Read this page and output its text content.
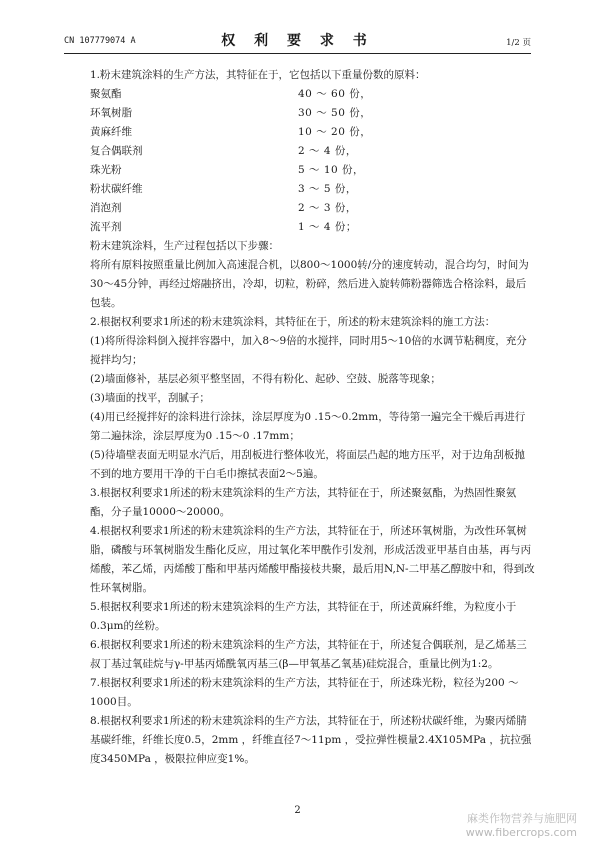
CN 107779074 A	权 利 要 求 书	1/2 页

1.粉末建筑涂料的生产方法，其特征在于，它包括以下重量份数的原料：

聚氨酯	40 ～ 60 份，
环氧树脂	30 ～ 50 份，
黄麻纤维	10 ～ 20 份，
复合偶联剂	2 ～ 4 份，
珠光粉	5 ～ 10 份，
粉状碳纤维	3 ～ 5 份，
消泡剂	2 ～ 3 份，
流平剂	1 ～ 4 份；

粉末建筑涂料，生产过程包括以下步骤：

将所有原料按照重量比例加入高速混合机，以800～1000转/分的速度转动，混合均匀，时间为30～45分钟，再经过熔融挤出，冷却，切粒，粉碎，然后进入旋转筛粉器筛选合格涂料，最后包装。

2.根据权利要求1所述的粉末建筑涂料，其特征在于，所述的粉末建筑涂料的施工方法：

(1)将所得涂料倒入搅拌容器中，加入8～9倍的水搅拌，同时用5～10倍的水调节粘稠度，充分搅拌均匀；

(2)墙面修补，基层必须平整坚固，不得有粉化、起砂、空鼓、脱落等现象；

(3)墙面的找平，刮腻子；

(4)用已经搅拌好的涂料进行涂抹，涂层厚度为0 .15～0.2mm，等待第一遍完全干燥后再进行第二遍抹涂，涂层厚度为0 .15～0 .17mm；

(5)待墙壁表面无明显水汽后，用刮板进行整体收光，将面层凸起的地方压平，对于边角刮板抛不到的地方要用干净的干白毛巾擦拭表面2～5遍。

3.根据权利要求1所述的粉末建筑涂料的生产方法，其特征在于，所述聚氨酯，为热固性聚氨酯，分子量10000～20000。

4.根据权利要求1所述的粉末建筑涂料的生产方法，其特征在于，所述环氧树脂，为改性环氧树脂，磷酸与环氧树脂发生酯化反应，用过氧化苯甲酰作引发剂，形成活泼亚甲基自由基，再与丙烯酸，苯乙烯，丙烯酸丁酯和甲基丙烯酸甲酯接枝共聚，最后用N,N-二甲基乙醇胺中和，得到改性环氧树脂。

5.根据权利要求1所述的粉末建筑涂料的生产方法，其特征在于，所述黄麻纤维，为粒度小于0.3μm的丝粉。

6.根据权利要求1所述的粉末建筑涂料的生产方法，其特征在于，所述复合偶联剂，是乙烯基三叔丁基过氧硅烷与γ-甲基丙烯酰氧丙基三(β—甲氧基乙氧基)硅烷混合，重量比例为1:2。

7.根据权利要求1所述的粉末建筑涂料的生产方法，其特征在于，所述珠光粉，粒径为200 ～ 1000目。

8.根据权利要求1所述的粉末建筑涂料的生产方法，其特征在于，所述粉状碳纤维，为聚丙烯腈基碳纤维，纤维长度0.5，2mm ，纤维直径7～11pm ，受拉弹性模量2.4X105MPa ，抗拉强度3450MPa ，极限拉伸应变1%。

2
麻类作物营养与施肥网
www.fibercrops.com
